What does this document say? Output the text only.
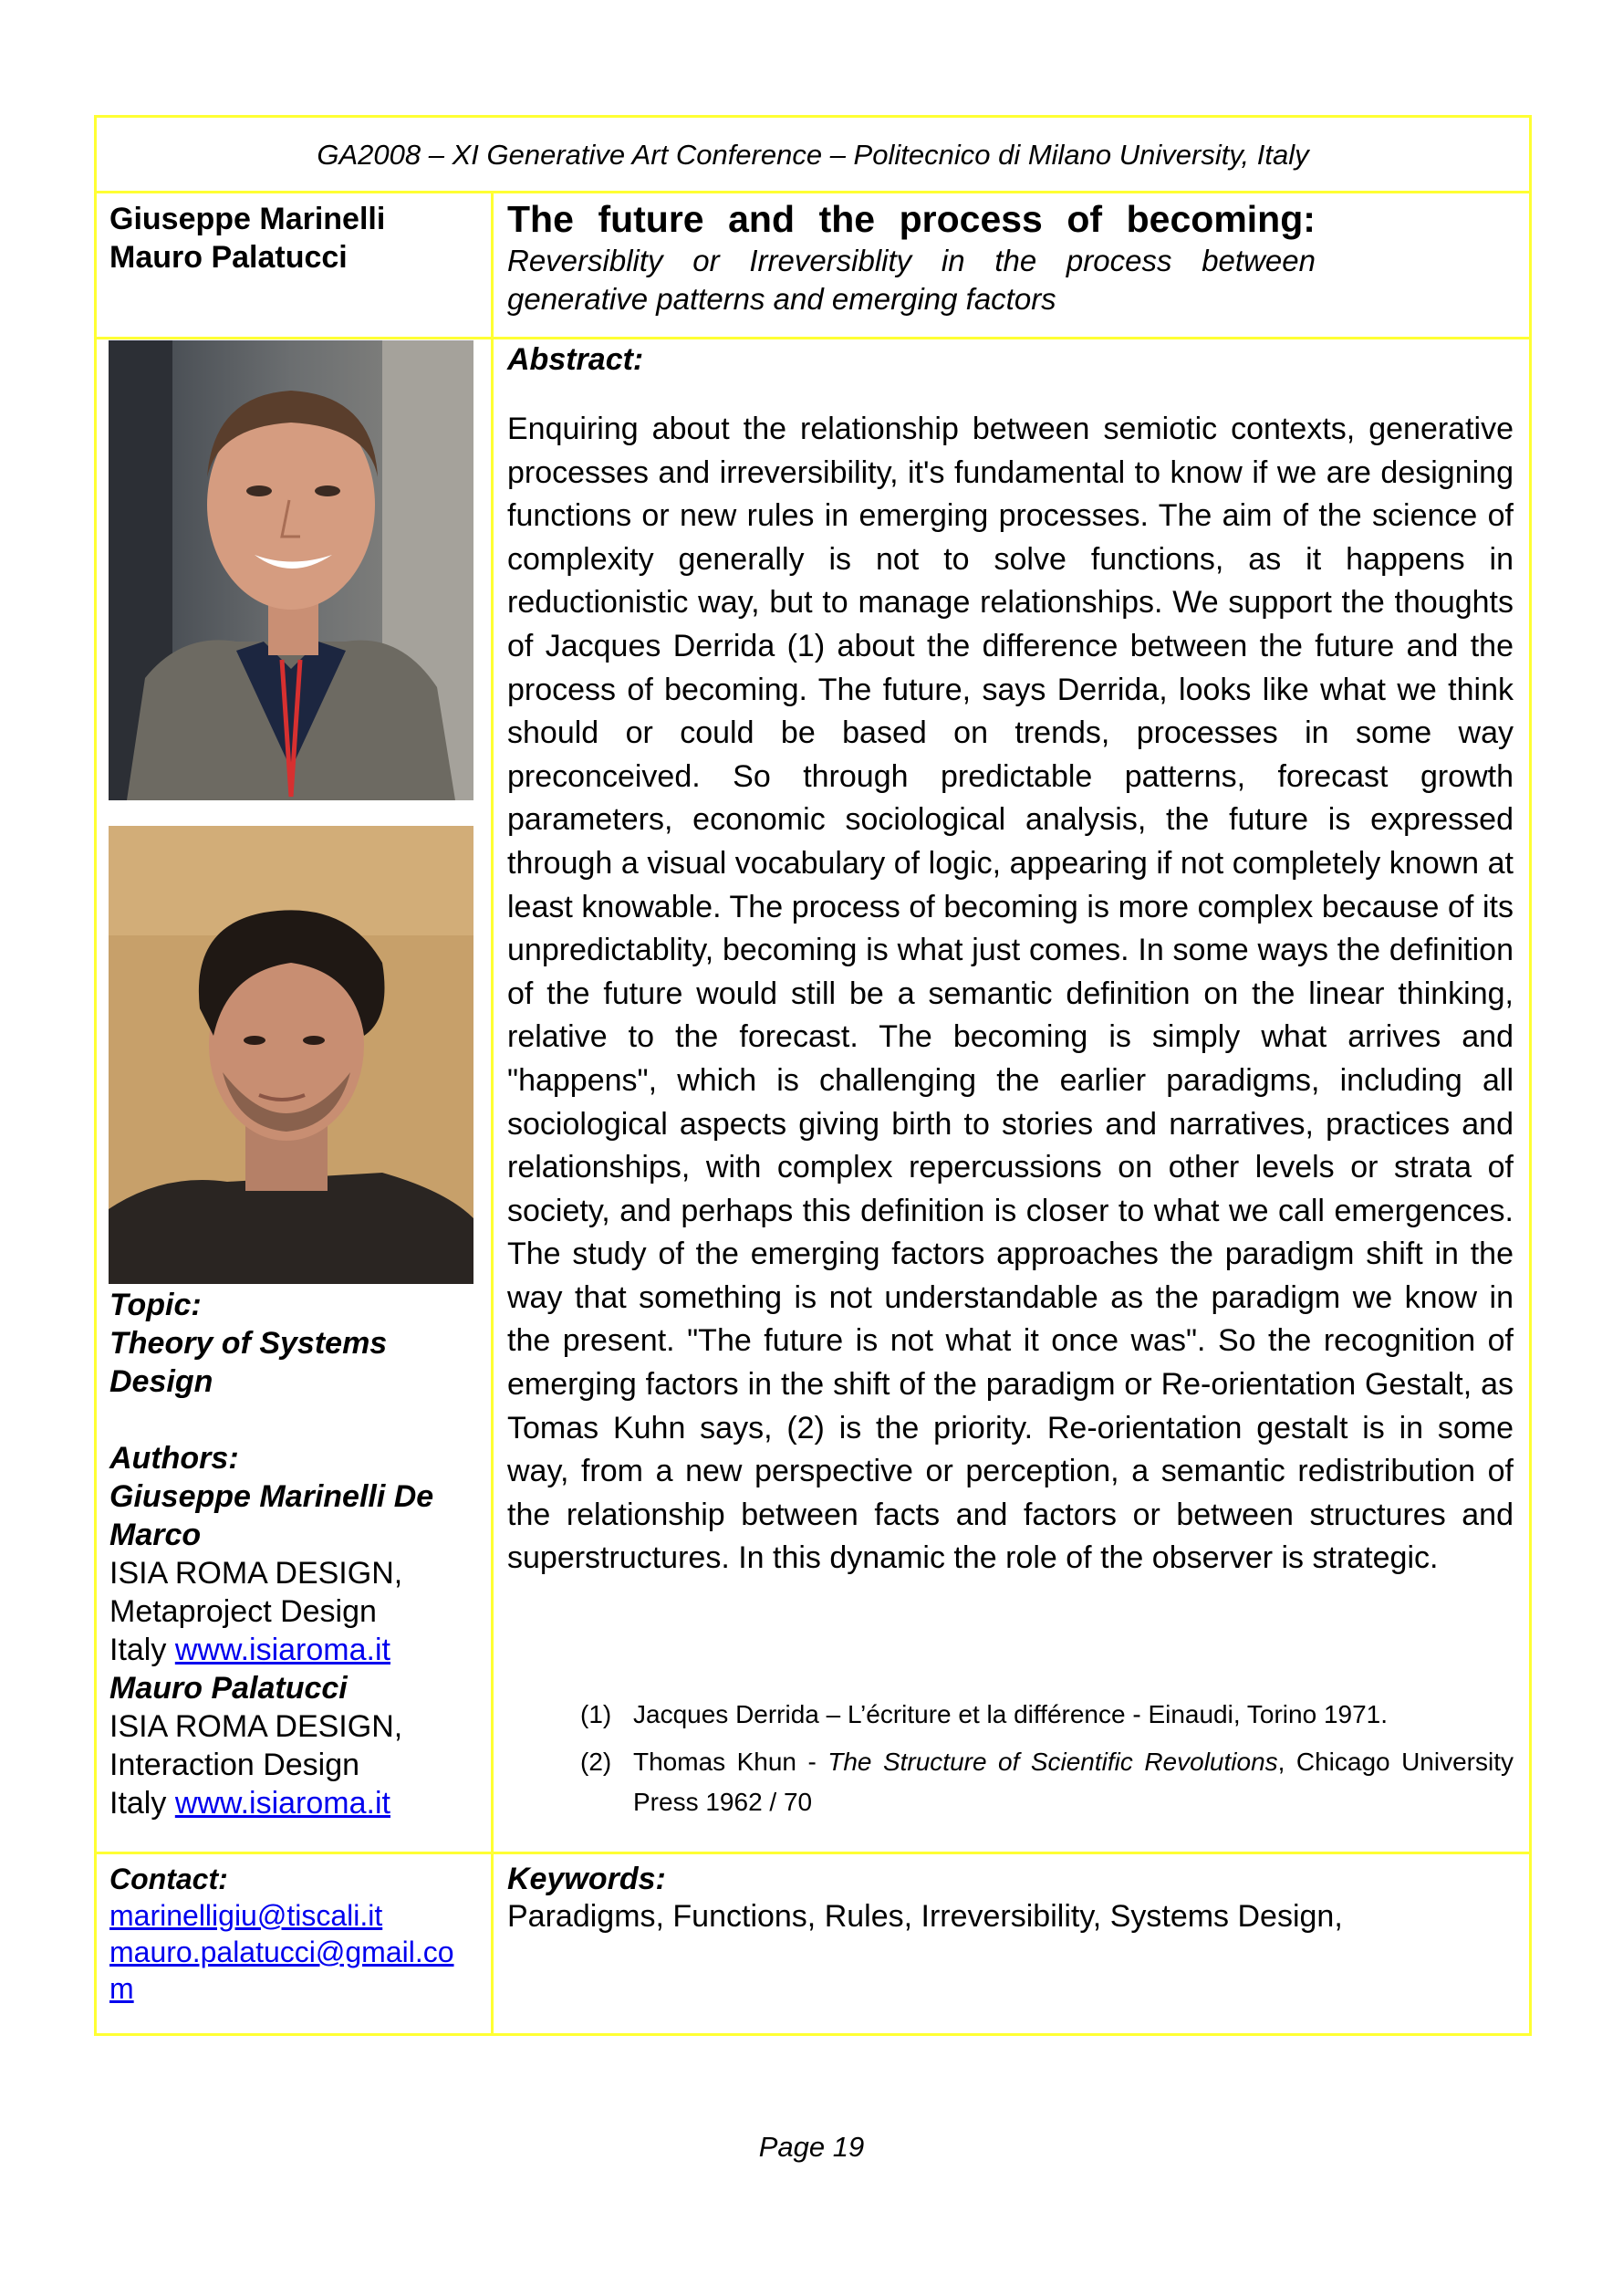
GA2008 – XI Generative Art Conference – Politecnico di Milano University, Italy
Giuseppe Marinelli
Mauro Palatucci
The future and the process of becoming:
Reversiblity or Irreversiblity in the process between
generative patterns and emerging factors
Topic:
Theory of Systems
Design
Authors:
Giuseppe Marinelli De
Marco
ISIA ROMA DESIGN,
Metaproject Design
Italy www.isiaroma.it
Mauro Palatucci
ISIA ROMA DESIGN,
Interaction Design
Italy www.isiaroma.it
Abstract:
Enquiring about the relationship between semiotic contexts, generative processes and irreversibility, it's fundamental to know if we are designing functions or new rules in emerging processes. The aim of the science of complexity generally is not to solve functions, as it happens in reductionistic way, but to manage relationships. We support the thoughts of Jacques Derrida (1) about the difference between the future and the process of becoming. The future, says Derrida, looks like what we think should or could be based on trends, processes in some way preconceived. So through predictable patterns, forecast growth parameters, economic sociological analysis, the future is expressed through a visual vocabulary of logic, appearing if not completely known at least knowable. The process of becoming is more complex because of its unpredictablity, becoming is what just comes. In some ways the definition of the future would still be a semantic definition on the linear thinking, relative to the forecast. The becoming is simply what arrives and "happens", which is challenging the earlier paradigms, including all sociological aspects giving birth to stories and narratives, practices and relationships, with complex repercussions on other levels or strata of society, and perhaps this definition is closer to what we call emergences. The study of the emerging factors approaches the paradigm shift in the way that something is not understandable as the paradigm we know in the present. "The future is not what it once was". So the recognition of emerging factors in the shift of the paradigm or Re-orientation Gestalt, as Tomas Kuhn says, (2) is the priority. Re-orientation gestalt is in some way, from a new perspective or perception, a semantic redistribution of the relationship between facts and factors or between structures and superstructures. In this dynamic the role of the observer is strategic.
(1) Jacques Derrida – L’écriture et la différence - Einaudi, Torino 1971.
(2) Thomas Khun - The Structure of Scientific Revolutions, Chicago University Press 1962 / 70
Contact:
marinelligiu@tiscali.it
mauro.palatucci@gmail.co
m
Keywords:
Paradigms, Functions, Rules, Irreversibility, Systems Design,
Page 19
